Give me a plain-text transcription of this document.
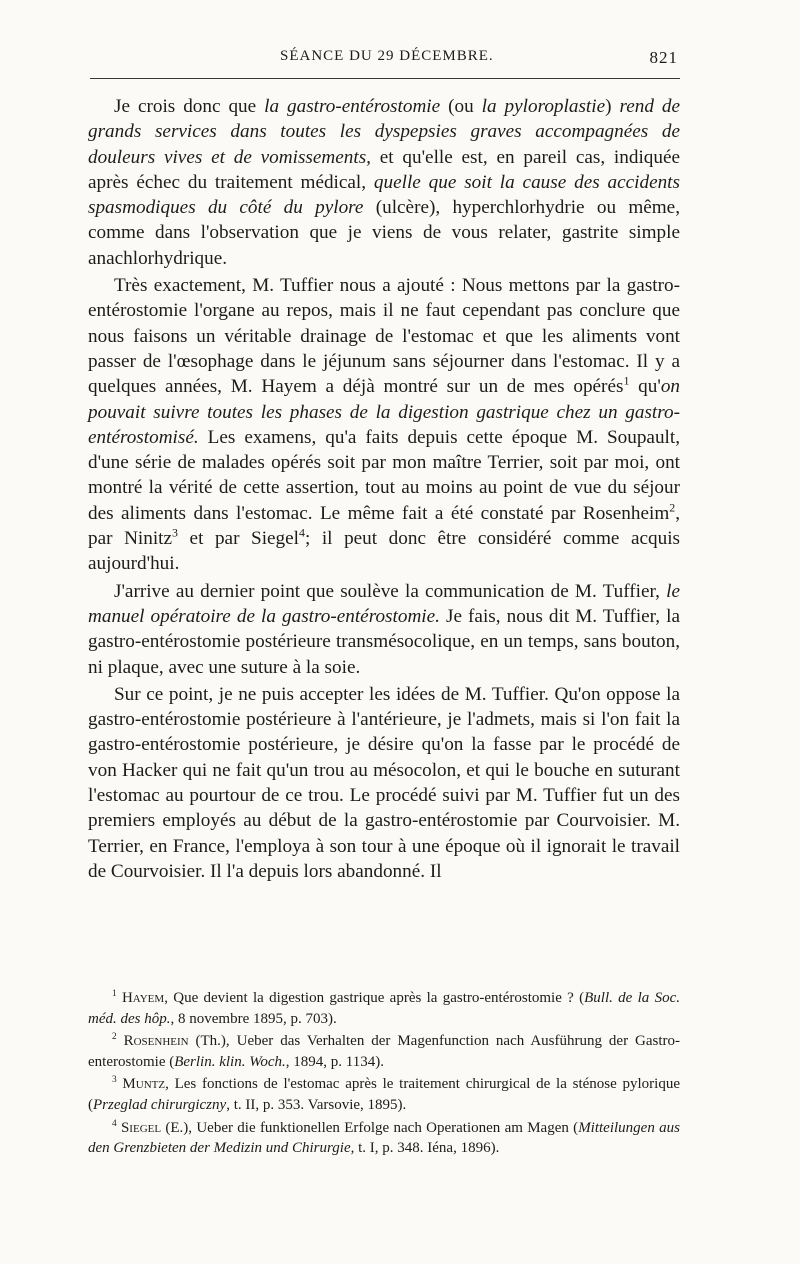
SÉANCE DU 29 DÉCEMBRE.	821

Je crois donc que la gastro-entérostomie (ou la pyloroplastie) rend de grands services dans toutes les dyspepsies graves accompagnées de douleurs vives et de vomissements, et qu'elle est, en pareil cas, indiquée après échec du traitement médical, quelle que soit la cause des accidents spasmodiques du côté du pylore (ulcère), hyperchlorhydrie ou même, comme dans l'observation que je viens de vous relater, gastrite simple anachlorhydrique.

Très exactement, M. Tuffier nous a ajouté : Nous mettons par la gastro-entérostomie l'organe au repos, mais il ne faut cependant pas conclure que nous faisons un véritable drainage de l'estomac et que les aliments vont passer de l'œsophage dans le jéjunum sans séjourner dans l'estomac. Il y a quelques années, M. Hayem a déjà montré sur un de mes opérés$^1$ qu'on pouvait suivre toutes les phases de la digestion gastrique chez un gastro-entérostomisé. Les examens, qu'a faits depuis cette époque M. Soupault, d'une série de malades opérés soit par mon maître Terrier, soit par moi, ont montré la vérité de cette assertion, tout au moins au point de vue du séjour des aliments dans l'estomac. Le même fait a été constaté par Rosenheim$^2$, par Ninitz$^3$ et par Siegel$^4$; il peut donc être considéré comme acquis aujourd'hui.

J'arrive au dernier point que soulève la communication de M. Tuffier, le manuel opératoire de la gastro-entérostomie. Je fais, nous dit M. Tuffier, la gastro-entérostomie postérieure transmésocolique, en un temps, sans bouton, ni plaque, avec une suture à la soie.

Sur ce point, je ne puis accepter les idées de M. Tuffier. Qu'on oppose la gastro-entérostomie postérieure à l'antérieure, je l'admets, mais si l'on fait la gastro-entérostomie postérieure, je désire qu'on la fasse par le procédé de von Hacker qui ne fait qu'un trou au mésocolon, et qui le bouche en suturant l'estomac au pourtour de ce trou. Le procédé suivi par M. Tuffier fut un des premiers employés au début de la gastro-entérostomie par Courvoisier. M. Terrier, en France, l'employa à son tour à une époque où il ignorait le travail de Courvoisier. Il l'a depuis lors abandonné. Il

$^1$ Hayem, Que devient la digestion gastrique après la gastro-entérostomie ? (Bull. de la Soc. méd. des hôp., 8 novembre 1895, p. 703).

$^2$ Rosenhein (Th.), Ueber das Verhalten der Magenfunction nach Ausführung der Gastro-enterostomie (Berlin. klin. Woch., 1894, p. 1134).

$^3$ Muntz, Les fonctions de l'estomac après le traitement chirurgical de la sténose pylorique (Przeglad chirurgiczny, t. II, p. 353. Varsovie, 1895).

$^4$ Siegel (E.), Ueber die funktionellen Erfolge nach Operationen am Magen (Mitteilungen aus den Grenzbieten der Medizin und Chirurgie, t. I, p. 348. Iéna, 1896).
